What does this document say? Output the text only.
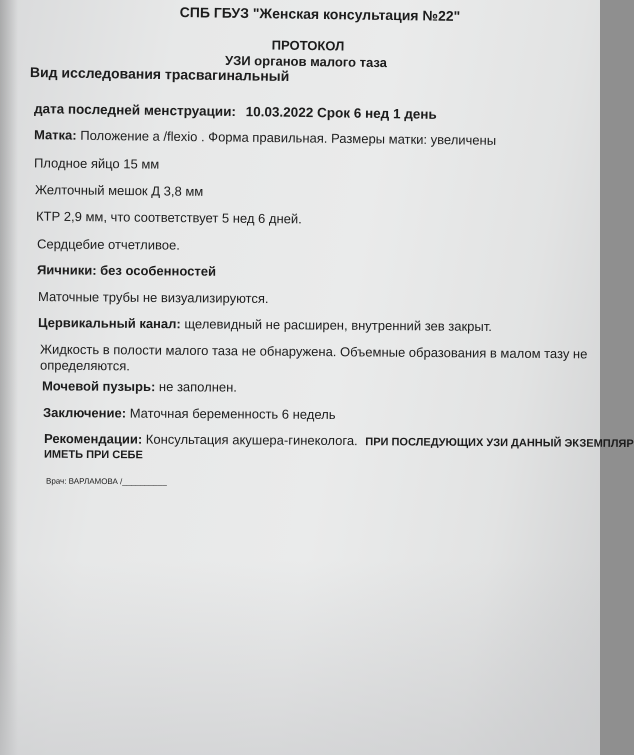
СПБ ГБУЗ "Женская консультация №22"
ПРОТОКОЛ
УЗИ органов малого таза
Вид исследования трасвагинальный
дата последней менструации: 10.03.2022 Срок 6 нед 1 день
Матка: Положение а /flexio . Форма правильная. Размеры матки: увеличены
Плодное яйцо 15 мм
Желточный мешок Д 3,8 мм
КТР 2,9 мм, что соответствует 5 нед 6 дней.
Сердцебие отчетливое.
Яичники: без особенностей
Маточные трубы не визуализируются.
Цервикальный канал: щелевидный не расширен, внутренний зев закрыт.
Жидкость в полости малого таза не обнаружена. Объемные образования в малом тазу не
определяются.
Мочевой пузырь: не заполнен.
Заключение: Маточная беременность 6 недель
Рекомендации: Консультация акушера-гинеколога. ПРИ ПОСЛЕДУЮЩИХ УЗИ ДАННЫЙ ЭКЗЕМПЛЯР
ИМЕТЬ ПРИ СЕБЕ
Врач: ВАРЛАМОВА /__________
